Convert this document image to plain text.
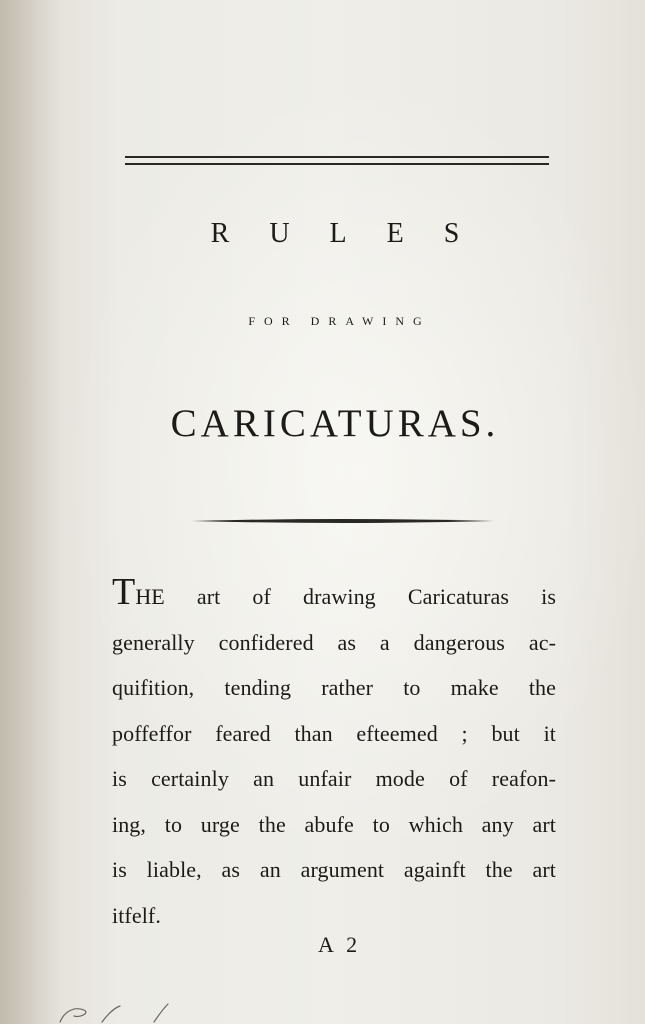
RULES
FOR DRAWING
CARICATURAS.
THE art of drawing Caricaturas is
generally confidered as a dangerous ac-
quifition, tending rather to make the
poffeffor feared than efteemed ; but it
is certainly an unfair mode of reafon-
ing, to urge the abufe to which any art
is liable, as an argument againft the art
itfelf.
A 2
